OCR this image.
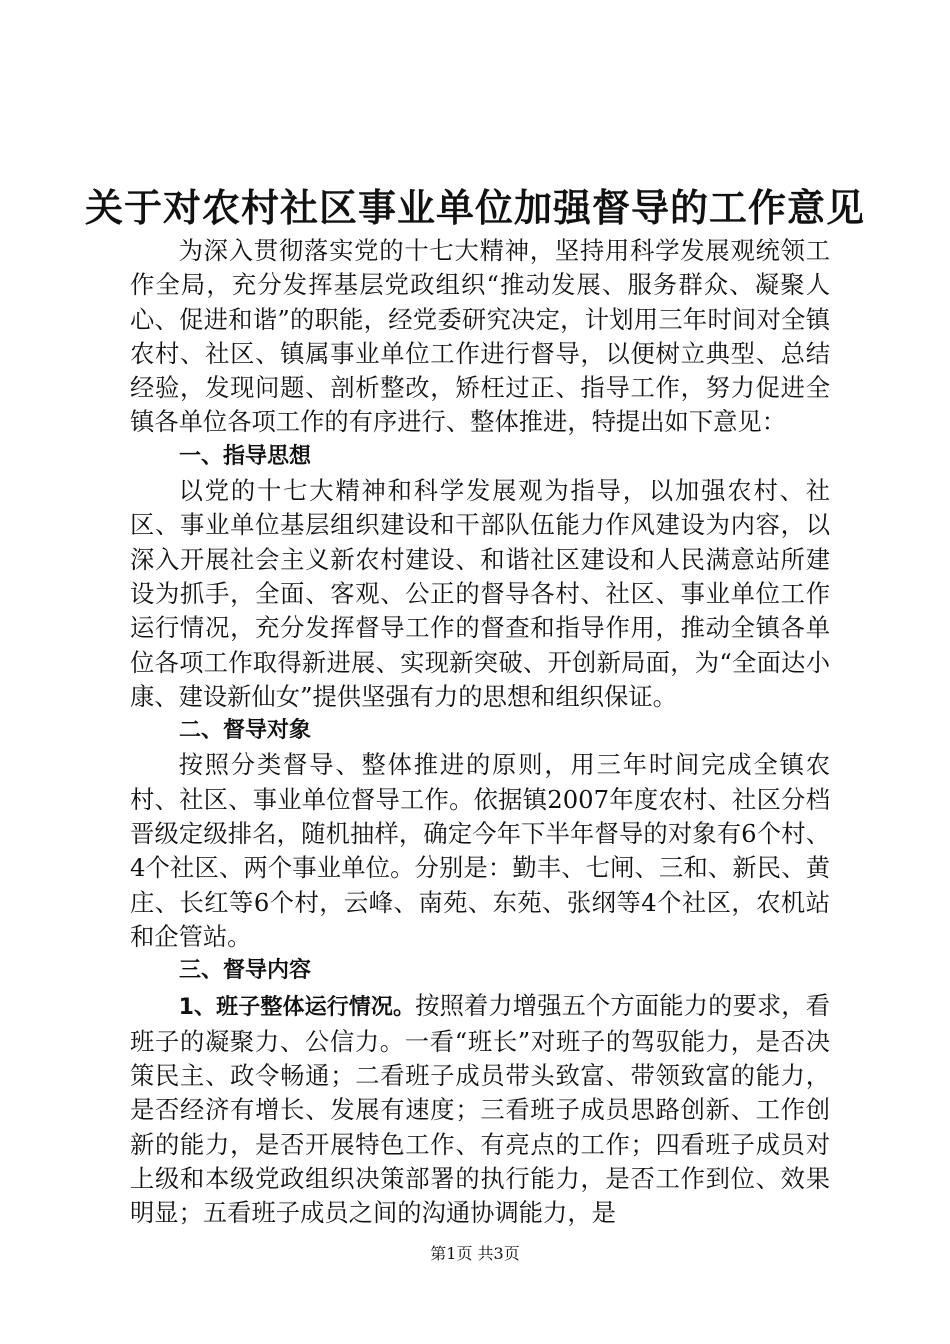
关于对农村社区事业单位加强督导的工作意见

为深入贯彻落实党的十七大精神，坚持用科学发展观统领工作全局，充分发挥基层党政组织“推动发展、服务群众、凝聚人心、促进和谐”的职能，经党委研究决定，计划用三年时间对全镇农村、社区、镇属事业单位工作进行督导，以便树立典型、总结经验，发现问题、剖析整改，矫枉过正、指导工作，努力促进全镇各单位各项工作的有序进行、整体推进，特提出如下意见：

一、指导思想

以党的十七大精神和科学发展观为指导，以加强农村、社区、事业单位基层组织建设和干部队伍能力作风建设为内容，以深入开展社会主义新农村建设、和谐社区建设和人民满意站所建设为抓手，全面、客观、公正的督导各村、社区、事业单位工作运行情况，充分发挥督导工作的督查和指导作用，推动全镇各单位各项工作取得新进展、实现新突破、开创新局面，为“全面达小康、建设新仙女”提供坚强有力的思想和组织保证。

二、督导对象

按照分类督导、整体推进的原则，用三年时间完成全镇农村、社区、事业单位督导工作。依据镇2007年度农村、社区分档晋级定级排名，随机抽样，确定今年下半年督导的对象有6个村、4个社区、两个事业单位。分别是：勤丰、七闸、三和、新民、黄庄、长红等6个村，云峰、南苑、东苑、张纲等4个社区，农机站和企管站。

三、督导内容

1、班子整体运行情况。按照着力增强五个方面能力的要求，看班子的凝聚力、公信力。一看“班长”对班子的驾驭能力，是否决策民主、政令畅通；二看班子成员带头致富、带领致富的能力，是否经济有增长、发展有速度；三看班子成员思路创新、工作创新的能力，是否开展特色工作、有亮点的工作；四看班子成员对上级和本级党政组织决策部署的执行能力，是否工作到位、效果明显；五看班子成员之间的沟通协调能力，是

第1页 共3页
